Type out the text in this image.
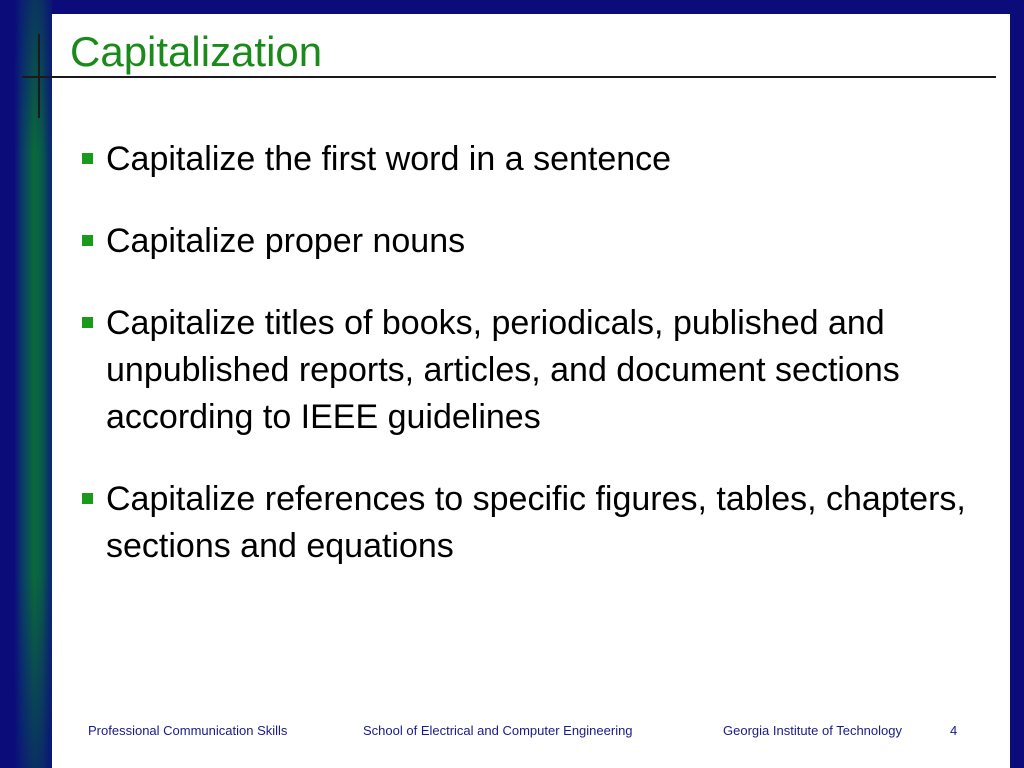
Capitalization
Capitalize the first word in a sentence
Capitalize proper nouns
Capitalize titles of books, periodicals, published and unpublished reports, articles, and document sections according to IEEE guidelines
Capitalize references to specific figures, tables, chapters, sections and equations
Professional Communication Skills	School of Electrical and Computer Engineering	Georgia Institute of Technology	4
